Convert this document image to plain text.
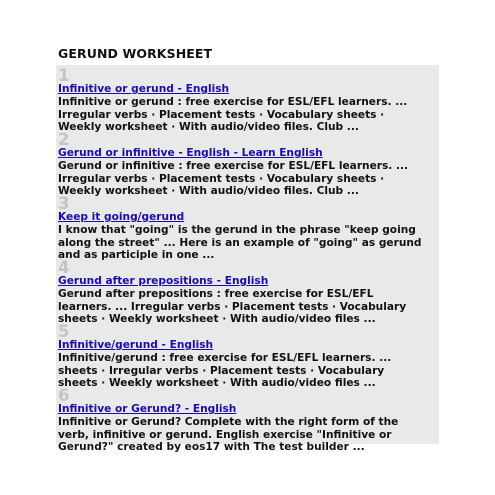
GERUND WORKSHEET
1
Infinitive or gerund - English
Infinitive or gerund : free exercise for ESL/EFL learners. ...
Irregular verbs · Placement tests · Vocabulary sheets ·
Weekly worksheet · With audio/video files. Club ...
2
Gerund or infinitive - English - Learn English
Gerund or infinitive : free exercise for ESL/EFL learners. ...
Irregular verbs · Placement tests · Vocabulary sheets ·
Weekly worksheet · With audio/video files. Club ...
3
Keep it going/gerund
I know that "going" is the gerund in the phrase "keep going
along the street" ... Here is an example of "going" as gerund
and as participle in one ...
4
Gerund after prepositions - English
Gerund after prepositions : free exercise for ESL/EFL
learners. ... Irregular verbs · Placement tests · Vocabulary
sheets · Weekly worksheet · With audio/video files ...
5
Infinitive/gerund - English
Infinitive/gerund : free exercise for ESL/EFL learners. ...
sheets · Irregular verbs · Placement tests · Vocabulary
sheets · Weekly worksheet · With audio/video files ...
6
Infinitive or Gerund? - English
Infinitive or Gerund? Complete with the right form of the
verb, infinitive or gerund. English exercise "Infinitive or
Gerund?" created by eos17 with The test builder ...
